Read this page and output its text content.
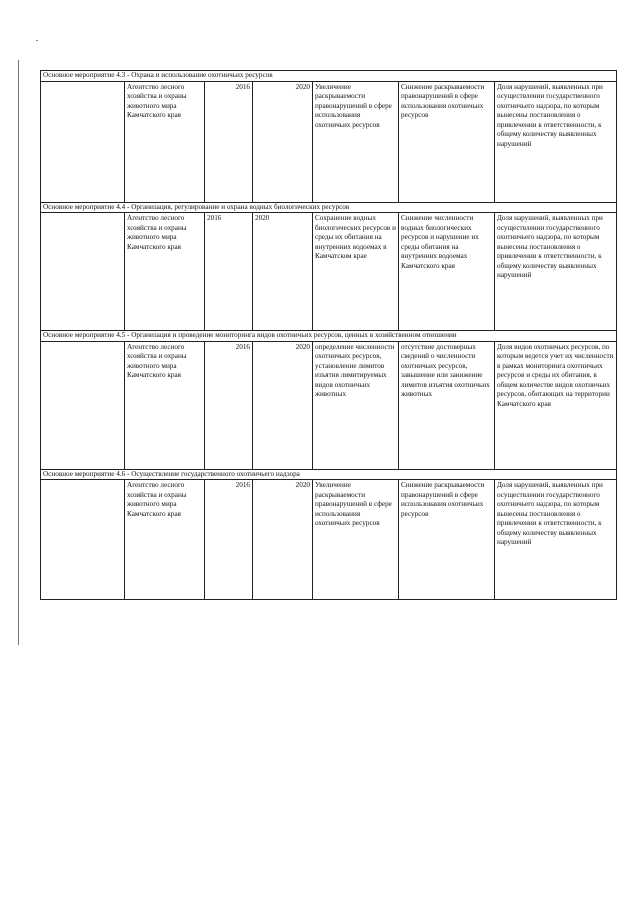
Основное мероприятие 4.3 - Охрана и использование охотничьих ресурсов						
	Агентство лесного хозяйства и охраны животного мира Камчатского края	2016	2020	Увеличение раскрываемости правонарушений в сфере использования охотничьих ресурсов	Снижение раскрываемости правонарушений в сфере использования охотничьих ресурсов	Доля нарушений, выявленных при осуществлении государственного охотничьего надзора, по которым вынесены постановления о привлечении к ответственности, к общему количеству выявленных нарушений
Основное мероприятие 4.4 - Организация, регулирование и охрана водных биологических ресурсов						
	Агентство лесного хозяйства и охраны животного мира Камчатского края	2016	2020	Сохранение водных биологических ресурсов и среды их обитания на внутренних водоемах в Камчатском крае	Снижение численности водных биологических ресурсов и нарушение их среды обитания на внутренних водоемах Камчатского края	Доля нарушений, выявленных при осуществлении государственного охотничьего надзора, по которым вынесены постановления о привлечении к ответственности, к общему количеству выявленных нарушений
Основное мероприятие 4.5 - Организация и проведение мониторинга видов охотничьих ресурсов, ценных в хозяйственном отношении						
	Агентство лесного хозяйства и охраны животного мира Камчатского края	2016	2020	определение численности охотничьих ресурсов, установление лимитов изъятия лимитируемых видов охотничьих животных	отсутствие достоверных сведений о численности охотничьих ресурсов, завышение или занижение лимитов изъятия охотничьих животных	Доля видов охотничьих ресурсов, по которым ведется учет их численности в рамках мониторинга охотничьих ресурсов и среды их обитания, в общем количестве видов охотничьих ресурсов, обитающих на территории Камчатского края
Основное мероприятие 4.6 - Осуществление государственного охотничьего надзора						
	Агентство лесного хозяйства и охраны животного мира Камчатского края	2016	2020	Увеличение раскрываемости правонарушений в сфере использования охотничьих ресурсов	Снижение раскрываемости правонарушений в сфере использования охотничьих ресурсов	Доля нарушений, выявленных при осуществлении государственного охотничьего надзора, по которым вынесены постановления о привлечении к ответственности, к общему количеству выявленных нарушений
